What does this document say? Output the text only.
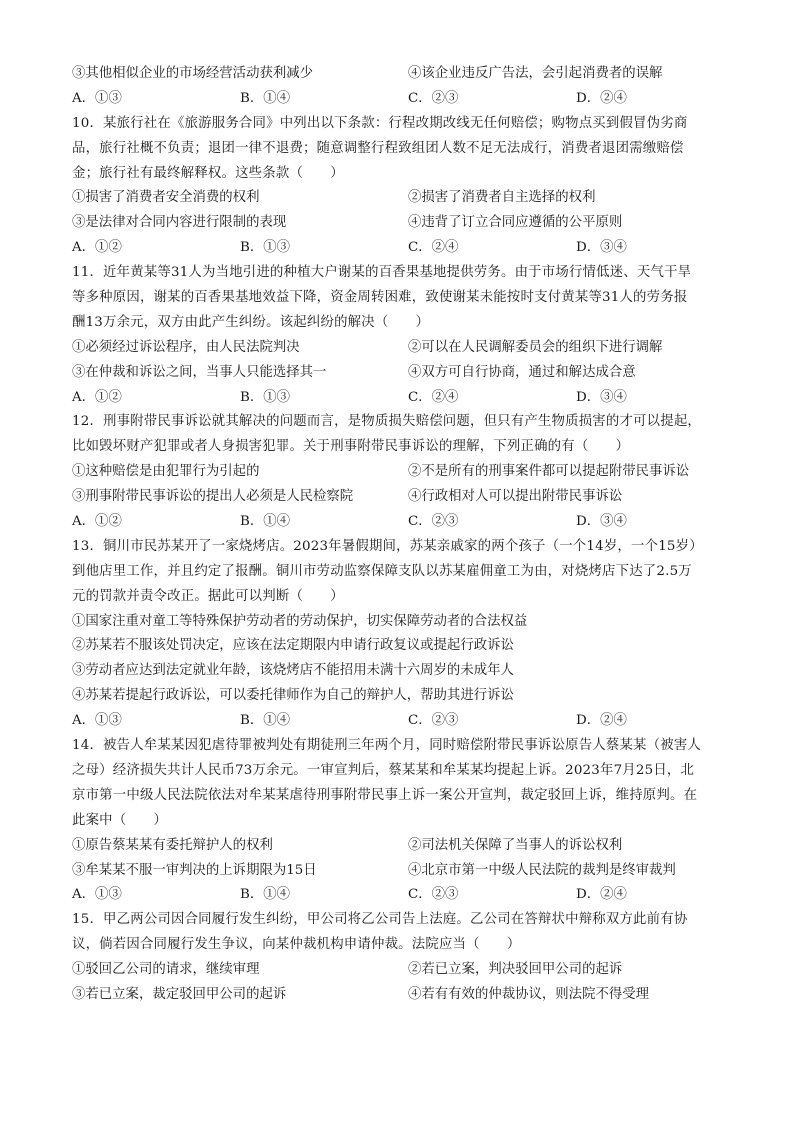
③其他相似企业的市场经营活动获利减少	④该企业违反广告法，会引起消费者的误解
A．①③	B．①④	C．②③	D．②④
10．某旅行社在《旅游服务合同》中列出以下条款：行程改期改线无任何赔偿；购物点买到假冒伪劣商
品，旅行社概不负责；退团一律不退费；随意调整行程致组团人数不足无法成行，消费者退团需缴赔偿
金；旅行社有最终解释权。这些条款（　　）
①损害了消费者安全消费的权利	②损害了消费者自主选择的权利
③是法律对合同内容进行限制的表现	④违背了订立合同应遵循的公平原则
A．①②	B．①③	C．②④	D．③④
11．近年黄某等31人为当地引进的种植大户谢某的百香果基地提供劳务。由于市场行情低迷、天气干旱
等多种原因，谢某的百香果基地效益下降，资金周转困难，致使谢某未能按时支付黄某等31人的劳务报
酬13万余元，双方由此产生纠纷。该起纠纷的解决（　　）
①必须经过诉讼程序，由人民法院判决	②可以在人民调解委员会的组织下进行调解
③在仲裁和诉讼之间，当事人只能选择其一	④双方可自行协商，通过和解达成合意
A．①②	B．①③	C．②④	D．③④
12．刑事附带民事诉讼就其解决的问题而言，是物质损失赔偿问题，但只有产生物质损害的才可以提起，
比如毁坏财产犯罪或者人身损害犯罪。关于刑事附带民事诉讼的理解，下列正确的有（　　）
①这种赔偿是由犯罪行为引起的	②不是所有的刑事案件都可以提起附带民事诉讼
③刑事附带民事诉讼的提出人必须是人民检察院	④行政相对人可以提出附带民事诉讼
A．①②	B．①④	C．②③	D．③④
13．铜川市民苏某开了一家烧烤店。2023年暑假期间，苏某亲戚家的两个孩子（一个14岁，一个15岁）
到他店里工作，并且约定了报酬。铜川市劳动监察保障支队以苏某雇佣童工为由，对烧烤店下达了2.5万
元的罚款并责令改正。据此可以判断（　　）
①国家注重对童工等特殊保护劳动者的劳动保护，切实保障劳动者的合法权益
②苏某若不服该处罚决定，应该在法定期限内申请行政复议或提起行政诉讼
③劳动者应达到法定就业年龄，该烧烤店不能招用未满十六周岁的未成年人
④苏某若提起行政诉讼，可以委托律师作为自己的辩护人，帮助其进行诉讼
A．①③	B．①④	C．②③	D．②④
14．被告人牟某某因犯虐待罪被判处有期徒刑三年两个月，同时赔偿附带民事诉讼原告人蔡某某（被害人
之母）经济损失共计人民币73万余元。一审宣判后，蔡某某和牟某某均提起上诉。2023年7月25日，北
京市第一中级人民法院依法对牟某某虐待刑事附带民事上诉一案公开宣判，裁定驳回上诉，维持原判。在
此案中（　　）
①原告蔡某某有委托辩护人的权利	②司法机关保障了当事人的诉讼权利
③牟某某不服一审判决的上诉期限为15日	④北京市第一中级人民法院的裁判是终审裁判
A．①③	B．①④	C．②③	D．②④
15．甲乙两公司因合同履行发生纠纷，甲公司将乙公司告上法庭。乙公司在答辩状中辩称双方此前有协
议，倘若因合同履行发生争议，向某仲裁机构申请仲裁。法院应当（　　）
①驳回乙公司的请求，继续审理	②若已立案，判决驳回甲公司的起诉
③若已立案，裁定驳回甲公司的起诉	④若有有效的仲裁协议，则法院不得受理
